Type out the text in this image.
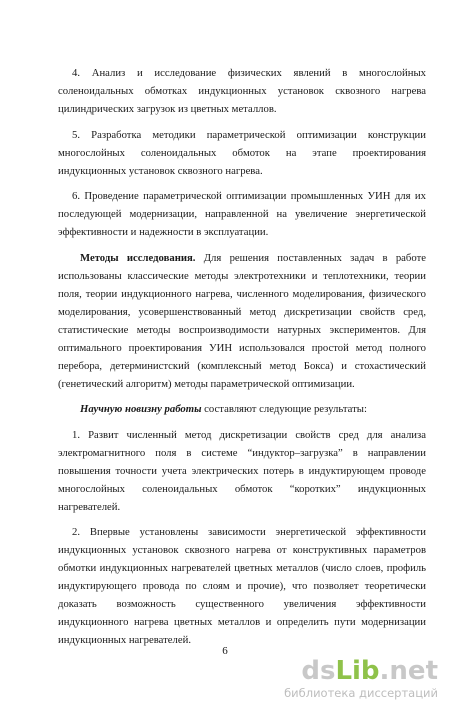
4. Анализ и исследование физических явлений в многослойных соленоидальных обмотках индукционных установок сквозного нагрева цилиндрических загрузок из цветных металлов.

5. Разработка методики параметрической оптимизации конструкции многослойных соленоидальных обмоток на этапе проектирования индукционных установок сквозного нагрева.

6. Проведение параметрической оптимизации промышленных УИН для их последующей модернизации, направленной на увеличение энергетической эффективности и надежности в эксплуатации.

Методы исследования. Для решения поставленных задач в работе использованы классические методы электротехники и теплотехники, теории поля, теории индукционного нагрева, численного моделирования, физического моделирования, усовершенствованный метод дискретизации свойств сред, статистические методы воспроизводимости натурных экспериментов. Для оптимального проектирования УИН использовался простой метод полного перебора, детерминистский (комплексный метод Бокса) и стохастический (генетический алгоритм) методы параметрической оптимизации.

Научную новизну работы составляют следующие результаты:

1. Развит численный метод дискретизации свойств сред для анализа электромагнитного поля в системе “индуктор–загрузка” в направлении повышения точности учета электрических потерь в индуктирующем проводе многослойных соленоидальных обмоток “коротких” индукционных нагревателей.

2. Впервые установлены зависимости энергетической эффективности индукционных установок сквозного нагрева от конструктивных параметров обмотки индукционных нагревателей цветных металлов (число слоев, профиль индуктирующего провода по слоям и прочие), что позволяет теоретически доказать возможность существенного увеличения эффективности индукционного нагрева цветных металлов и определить пути модернизации индукционных нагревателей.

6
dsLib.net
библиотека диссертаций
